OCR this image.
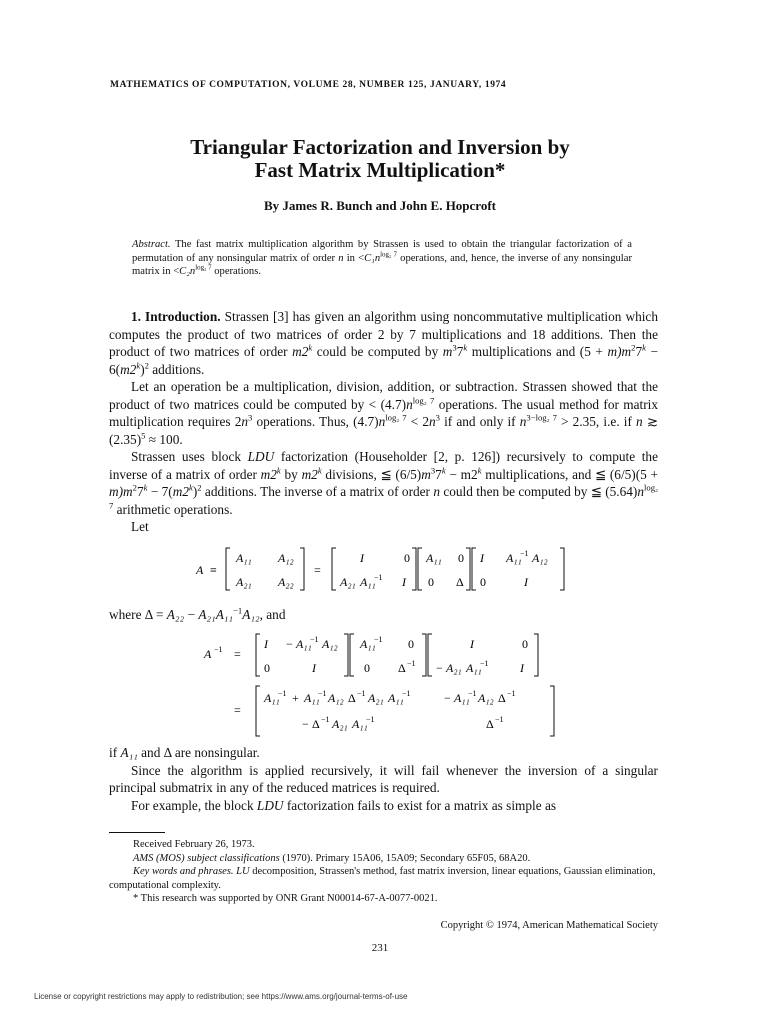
MATHEMATICS OF COMPUTATION, VOLUME 28, NUMBER 125, JANUARY, 1974
Triangular Factorization and Inversion by
Fast Matrix Multiplication*
By James R. Bunch and John E. Hopcroft
Abstract. The fast matrix multiplication algorithm by Strassen is used to obtain the triangular factorization of a permutation of any nonsingular matrix of order n in $<C_1n^{log_2 7}$ operations, and, hence, the inverse of any nonsingular matrix in $<C_2n^{log_2 7}$ operations.

1. Introduction. Strassen [3] has given an algorithm using noncommutative multiplication which computes the product of two matrices of order 2 by 7 multiplications and 18 additions. Then the product of two matrices of order m2$^k$ could be computed by $m^37^k$ multiplications and $(5 + m)m^27^k - 6(m2^k)^2$ additions.

Let an operation be a multiplication, division, addition, or subtraction. Strassen showed that the product of two matrices could be computed by < $(4.7)n^{log_2 7}$ operations. The usual method for matrix multiplication requires $2n^3$ operations. Thus, $(4.7)n^{log_2 7} < 2n^3$ if and only if $n^{3-log_2 7} > 2.35$, i.e. if n ≳ $(2.35)^5 \approx 100$.

Strassen uses block LDU factorization (Householder [2, p. 126]) recursively to compute the inverse of a matrix of order m2$^k$ by m2$^k$ divisions, ≦ $(6/5)m^37^k - m2^k$ multiplications, and ≦ $(6/5)(5 + m)m^27^k - 7(m2^k)^2$ additions. The inverse of a matrix of order n could then be computed by ≦ $(5.64)n^{log_2 7}$ arithmetic operations.

Let

A ≡
A₁₁ A₁₂
A₂₁ A₂₂
=
I	0
A₂₁ A₁₁
−1 I
A₁₁ 0
0 Δ
I A₁₁
−1 A₁₂
0	I

where Δ = A₂₂ − A₂₁A₁₁$^{-1}$A₁₂, and

A −1 =
I − A₁₁
−1 A₁₂
0	I
A₁₁
−1 0
0 Δ −1
I	0
− A₂₁ A₁₁
−1	I
=
A₁₁
−1 + A₁₁
−1 A₁₂ Δ −1 A₂₁ A₁₁
−1	− A₁₁
−1 A₁₂ Δ −1
− Δ −1 A₂₁ A₁₁
−1	Δ −1

if A₁₁ and Δ are nonsingular.

Since the algorithm is applied recursively, it will fail whenever the inversion of a singular principal submatrix in any of the reduced matrices is required.

For example, the block LDU factorization fails to exist for a matrix as simple as

Received February 26, 1973.

AMS (MOS) subject classifications (1970). Primary 15A06, 15A09; Secondary 65F05, 68A20.

Key words and phrases. LU decomposition, Strassen's method, fast matrix inversion, linear equations, Gaussian elimination, computational complexity.

* This research was supported by ONR Grant N00014-67-A-0077-0021.

Copyright © 1974, American Mathematical Society
231
License or copyright restrictions may apply to redistribution; see https://www.ams.org/journal-terms-of-use
